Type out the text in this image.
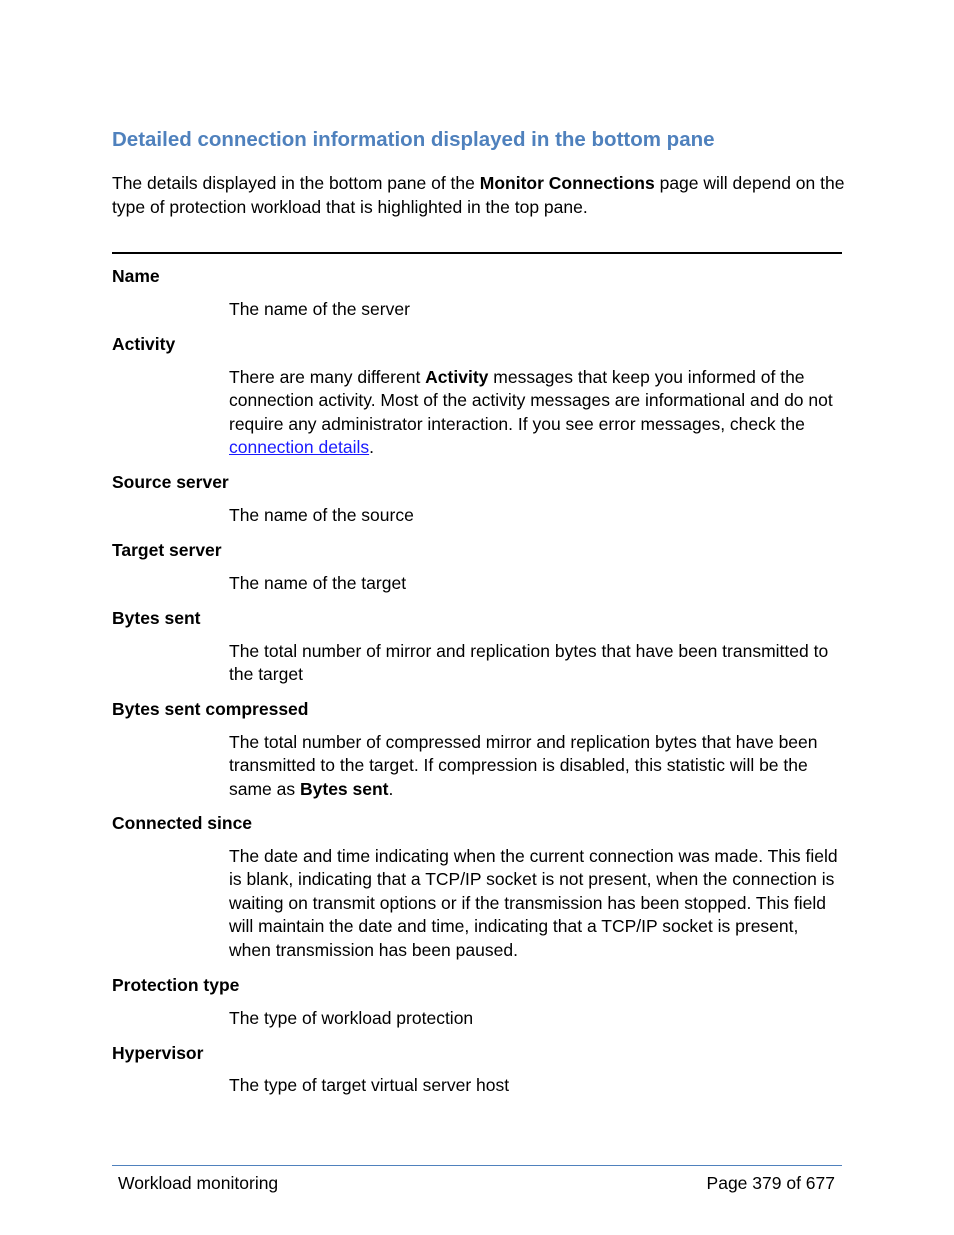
Detailed connection information displayed in the bottom pane

The details displayed in the bottom pane of the Monitor Connections page will depend on the type of protection workload that is highlighted in the top pane.

Name

The name of the server

Activity

There are many different Activity messages that keep you informed of the connection activity. Most of the activity messages are informational and do not require any administrator interaction. If you see error messages, check the connection details.

Source server

The name of the source

Target server

The name of the target

Bytes sent

The total number of mirror and replication bytes that have been transmitted to the target

Bytes sent compressed

The total number of compressed mirror and replication bytes that have been transmitted to the target. If compression is disabled, this statistic will be the same as Bytes sent.

Connected since

The date and time indicating when the current connection was made. This field is blank, indicating that a TCP/IP socket is not present, when the connection is waiting on transmit options or if the transmission has been stopped. This field will maintain the date and time, indicating that a TCP/IP socket is present, when transmission has been paused.

Protection type

The type of workload protection

Hypervisor

The type of target virtual server host

Workload monitoring	Page 379 of 677
